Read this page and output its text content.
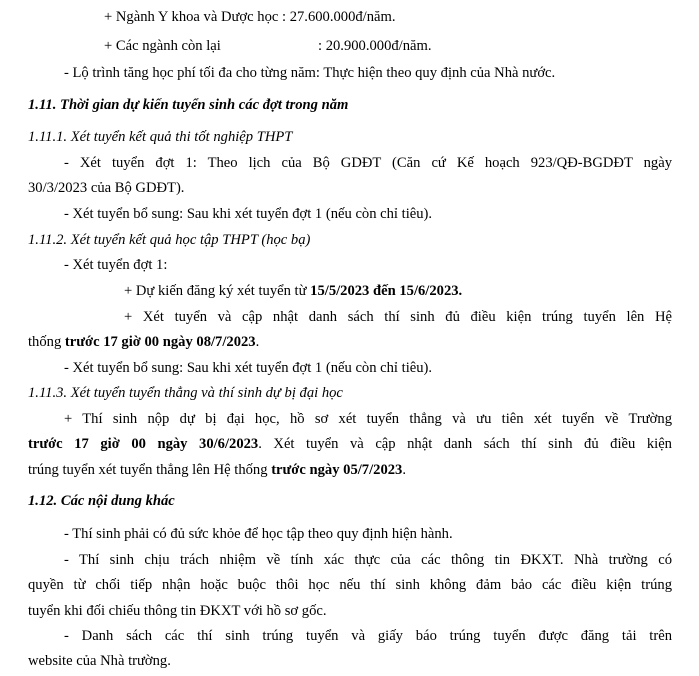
+ Ngành Y khoa và Dược học : 27.600.000đ/năm.
+ Các ngành còn lại	: 20.900.000đ/năm.
- Lộ trình tăng học phí tối đa cho từng năm: Thực hiện theo quy định của Nhà nước.
1.11. Thời gian dự kiến tuyển sinh các đợt trong năm
1.11.1. Xét tuyển kết quả thi tốt nghiệp THPT
- Xét tuyển đợt 1: Theo lịch của Bộ GDĐT (Căn cứ Kế hoạch 923/QĐ-BGDĐT ngày
30/3/2023 của Bộ GDĐT).
- Xét tuyển bổ sung: Sau khi xét tuyển đợt 1 (nếu còn chỉ tiêu).
1.11.2. Xét tuyển kết quả học tập THPT (học bạ)
- Xét tuyển đợt 1:
+ Dự kiến đăng ký xét tuyển từ 15/5/2023 đến 15/6/2023.
+ Xét tuyển và cập nhật danh sách thí sinh đủ điều kiện trúng tuyển lên Hệ
thống trước 17 giờ 00 ngày 08/7/2023.
- Xét tuyển bổ sung: Sau khi xét tuyển đợt 1 (nếu còn chỉ tiêu).
1.11.3. Xét tuyển tuyển thẳng và thí sinh dự bị đại học
+ Thí sinh nộp dự bị đại học, hồ sơ xét tuyển thẳng và ưu tiên xét tuyển về Trường
trước 17 giờ 00 ngày 30/6/2023. Xét tuyển và cập nhật danh sách thí sinh đủ điều kiện
trúng tuyển xét tuyển thẳng lên Hệ thống trước ngày 05/7/2023.
1.12. Các nội dung khác
- Thí sinh phải có đủ sức khỏe để học tập theo quy định hiện hành.
- Thí sinh chịu trách nhiệm về tính xác thực của các thông tin ĐKXT. Nhà trường có
quyền từ chối tiếp nhận hoặc buộc thôi học nếu thí sinh không đảm bảo các điều kiện trúng
tuyển khi đối chiếu thông tin ĐKXT với hồ sơ gốc.
- Danh sách các thí sinh trúng tuyển và giấy báo trúng tuyển được đăng tải trên
website của Nhà trường.
